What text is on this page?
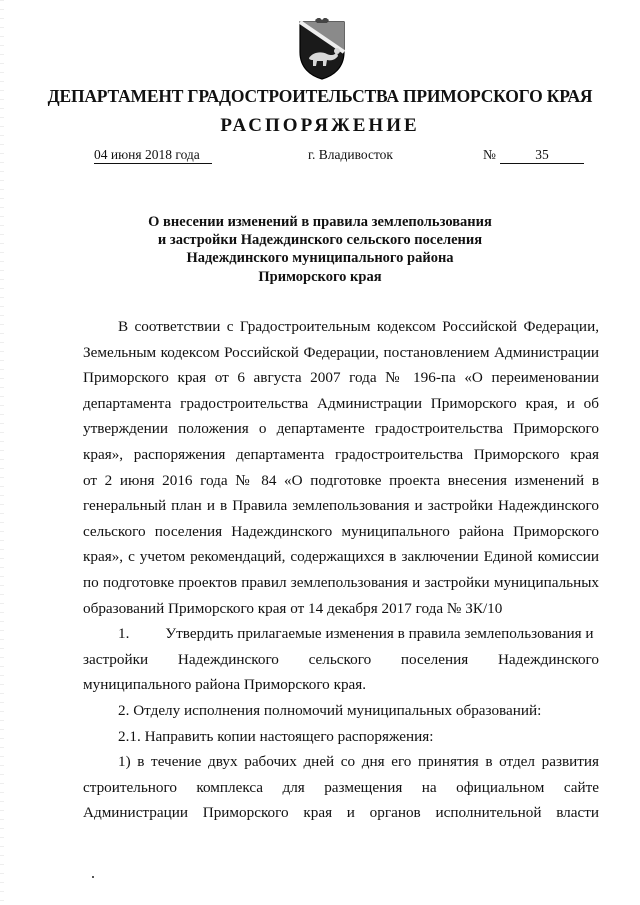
ДЕПАРТАМЕНТ ГРАДОСТРОИТЕЛЬСТВА ПРИМОРСКОГО КРАЯ
РАСПОРЯЖЕНИЕ
04 июня 2018 года	г. Владивосток	№	35
О внесении изменений в правила землепользования
и застройки Надеждинского сельского поселения
Надеждинского муниципального района
Приморского края
В соответствии с Градостроительным кодексом Российской Федерации,
Земельным кодексом Российской Федерации, постановлением Администрации
Приморского края от 6 августа 2007 года № 196-па «О переименовании
департамента градостроительства Администрации Приморского края, и об
утверждении положения о департаменте градостроительства Приморского
края», распоряжения департамента градостроительства Приморского края
от 2 июня 2016 года № 84 «О подготовке проекта внесения изменений в
генеральный план и в Правила землепользования и застройки Надеждинского
сельского поселения Надеждинского муниципального района Приморского
края», с учетом рекомендаций, содержащихся в заключении Единой комиссии
по подготовке проектов правил землепользования и застройки муниципальных
образований Приморского края от 14 декабря 2017 года № ЗК/10
1. Утвердить прилагаемые изменения в правила землепользования и
застройки Надеждинского сельского поселения Надеждинского
муниципального района Приморского края.
2. Отделу исполнения полномочий муниципальных образований:
2.1. Направить копии настоящего распоряжения:
1) в течение двух рабочих дней со дня его принятия в отдел развития
строительного комплекса для размещения на официальном сайте
Администрации Приморского края и органов исполнительной власти
